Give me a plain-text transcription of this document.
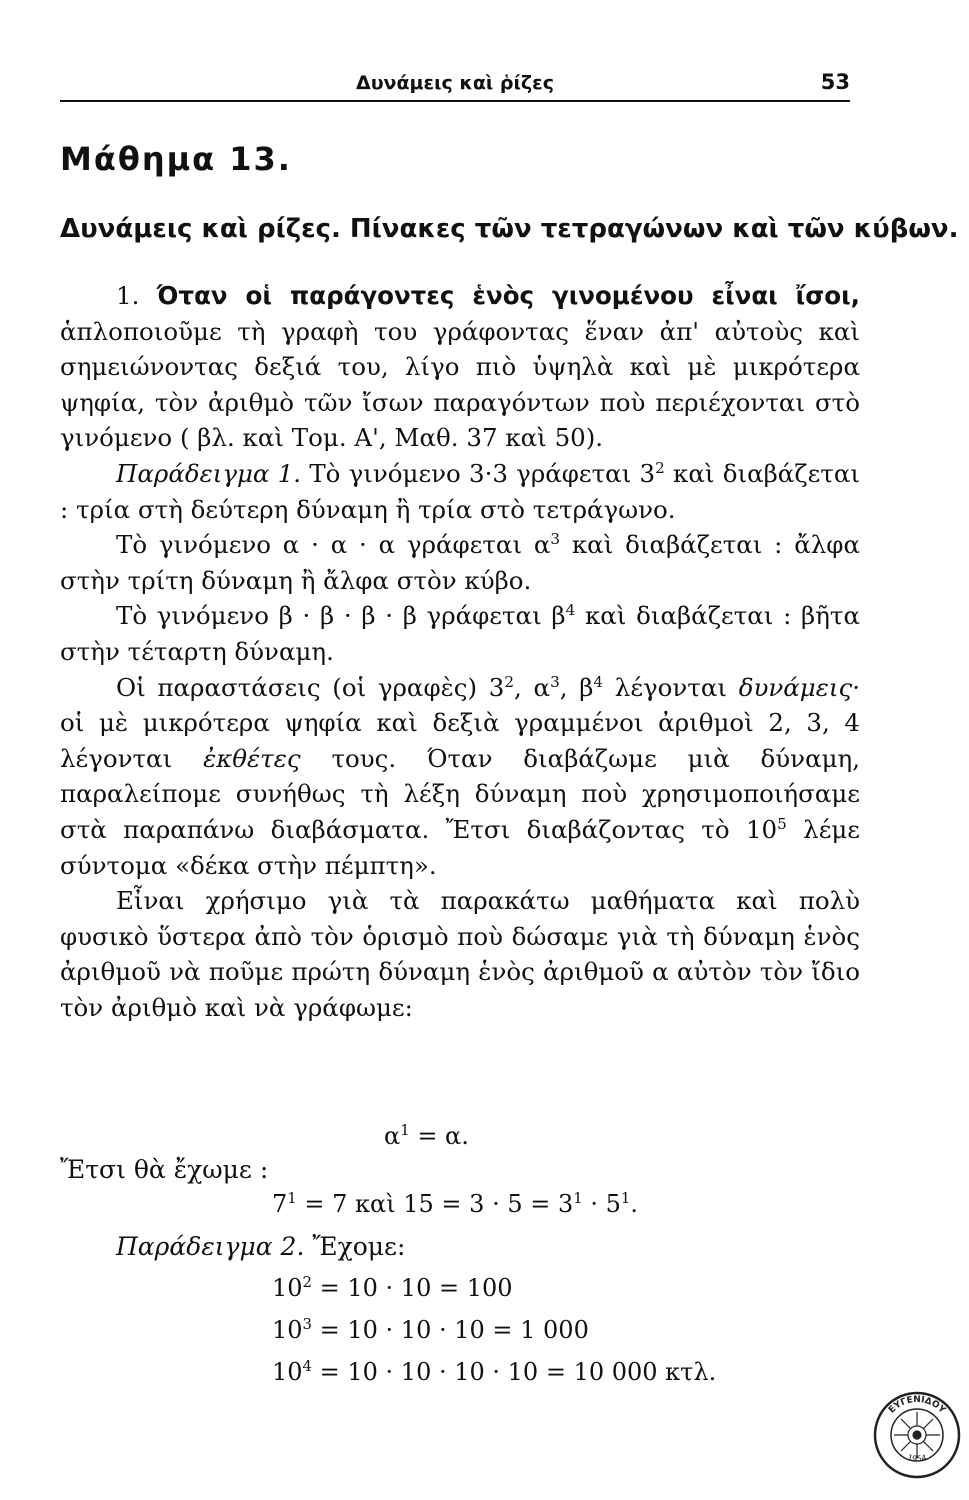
Δυνάμεις καὶ ῥίζες	53
Μάθημα 13.
Δυνάμεις καὶ ρίζες. Πίνακες τῶν τετραγώνων καὶ τῶν κύβων.

1. Όταν οἱ παράγοντες ἑνὸς γινομένου εἶναι ἴσοι, ἁπλοποιοῦμε τὴ γραφὴ του γράφοντας ἕναν ἀπ' αὐτοὺς καὶ σημειώνοντας δεξιά του, λίγο πιὸ ὑψηλὰ καὶ μὲ μικρότερα ψηφία, τὸν ἀριθμὸ τῶν ἴσων παραγόντων ποὺ περιέχονται στὸ γινόμενο ( βλ. καὶ Τομ. Α', Μαθ. 37 καὶ 50).

Παράδειγμα 1. Τὸ γινόμενο 3·3 γράφεται $3^2$ καὶ διαβάζεται : τρία στὴ δεύτερη δύναμη ἢ τρία στὸ τετράγωνο.

Τὸ γινόμενο α · α · α γράφεται $\alpha^3$ καὶ διαβάζεται : ἄλφα στὴν τρίτη δύναμη ἢ ἄλφα στὸν κύβο.

Τὸ γινόμενο β · β · β · β γράφεται $\beta^4$ καὶ διαβάζεται : βῆτα στὴν τέταρτη δύναμη.

Οἱ παραστάσεις (οἱ γραφὲς) $3^2$, $\alpha^3$, $\beta^4$ λέγονται δυνάμεις· οἱ μὲ μικρότερα ψηφία καὶ δεξιὰ γραμμένοι ἀριθμοὶ 2, 3, 4 λέγονται ἐκθέτες τους. Όταν διαβάζωμε μιὰ δύναμη, παραλείπομε συνήθως τὴ λέξη δύναμη ποὺ χρησιμοποιήσαμε στὰ παραπάνω διαβάσματα. Ἔτσι διαβάζοντας τὸ $10^5$ λέμε σύντομα «δέκα στὴν πέμπτη».

Εἶναι χρήσιμο γιὰ τὰ παρακάτω μαθήματα καὶ πολὺ φυσικὸ ὕστερα ἀπὸ τὸν ὁρισμὸ ποὺ δώσαμε γιὰ τὴ δύναμη ἑνὸς ἀριθμοῦ νὰ ποῦμε πρώτη δύναμη ἑνὸς ἀριθμοῦ α αὐτὸν τὸν ἴδιο τὸν ἀριθμὸ καὶ νὰ γράφωμε:

$\alpha^1 = \alpha$.
Ἔτσι θὰ ἔχωμε :
$7^1 = 7$ καὶ $15 = 3 \cdot 5 = 3^1 \cdot 5^1$.
Παράδειγμα 2. Ἔχομε:
$10^2 = 10 \cdot 10 = 100$
$10^3 = 10 \cdot 10 \cdot 10 = 1$ 000
$10^4 = 10 \cdot 10 \cdot 10 \cdot 10 = 10$ 000 κτλ.
ΕΥΓΕΝΙΔΟΥ
1954
